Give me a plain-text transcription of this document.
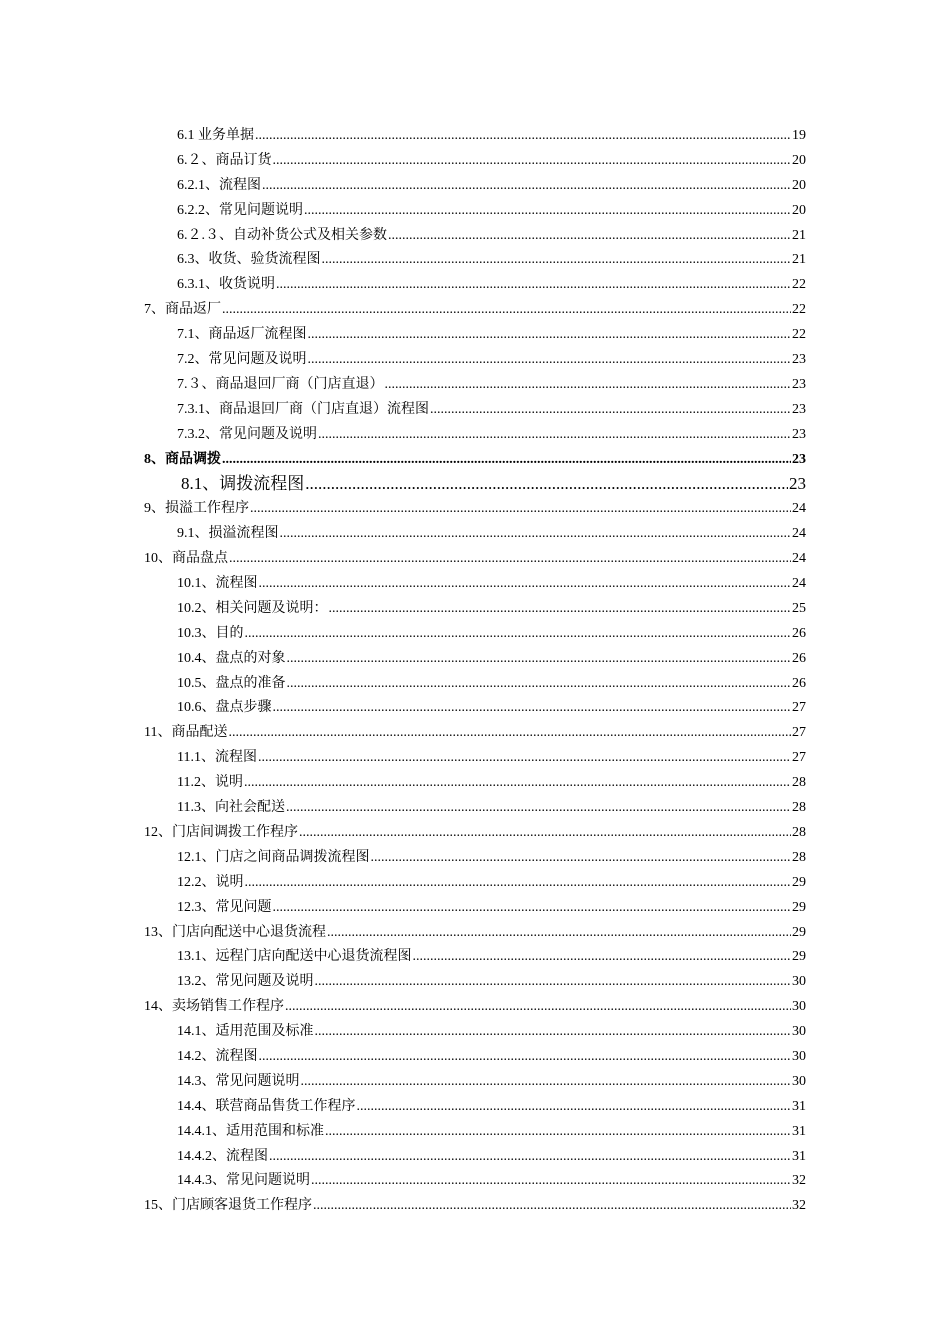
6.1 业务单据 .....	19
6.２、商品订货 .....	20
6.2.1、流程图 .....	20
6.2.2、常见问题说明 .....	20
6.２.３、自动补货公式及相关参数 .....	21
6.3、收货、验货流程图 .....	21
6.3.1、收货说明 .....	22
7、商品返厂 .....	22
7.1、商品返厂流程图 .....	22
7.2、常见问题及说明 .....	23
7.３、商品退回厂商（门店直退） .....	23
7.3.1、商品退回厂商（门店直退）流程图 .....	23
7.3.2、常见问题及说明 .....	23
8、商品调拨 .....	23
8.1、调拨流程图 .....	23
9、损溢工作程序 .....	24
9.1、损溢流程图 .....	24
10、商品盘点 .....	24
10.1、流程图 .....	24
10.2、相关问题及说明： .....	25
10.3、目的 .....	26
10.4、盘点的对象 .....	26
10.5、盘点的准备 .....	26
10.6、盘点步骤 .....	27
11、商品配送 .....	27
11.1、流程图 .....	27
11.2、说明 .....	28
11.3、向社会配送 .....	28
12、门店间调拨工作程序 .....	28
12.1、门店之间商品调拨流程图 .....	28
12.2、说明 .....	29
12.3、常见问题 .....	29
13、门店向配送中心退货流程 .....	29
13.1、远程门店向配送中心退货流程图 .....	29
13.2、常见问题及说明 .....	30
14、卖场销售工作程序 .....	30
14.1、适用范围及标准 .....	30
14.2、流程图 .....	30
14.3、常见问题说明 .....	30
14.4、联营商品售货工作程序 .....	31
14.4.1、适用范围和标准 .....	31
14.4.2、流程图 .....	31
14.4.3、常见问题说明 .....	32
15、门店顾客退货工作程序 .....	32
